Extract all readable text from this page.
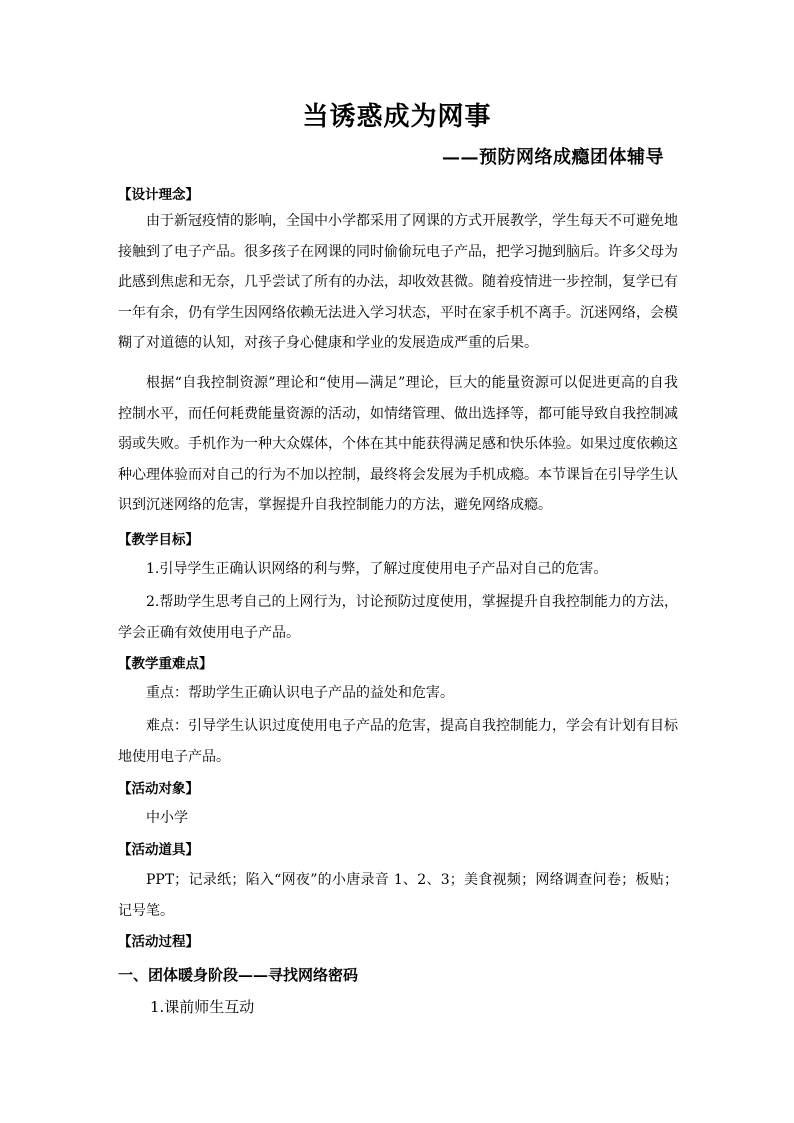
当诱惑成为网事
——预防网络成瘾团体辅导
【设计理念】
由于新冠疫情的影响，全国中小学都采用了网课的方式开展教学，学生每天不可避免地接触到了电子产品。很多孩子在网课的同时偷偷玩电子产品，把学习抛到脑后。许多父母为此感到焦虑和无奈，几乎尝试了所有的办法，却收效甚微。随着疫情进一步控制，复学已有一年有余，仍有学生因网络依赖无法进入学习状态，平时在家手机不离手。沉迷网络，会模糊了对道德的认知，对孩子身心健康和学业的发展造成严重的后果。
根据“自我控制资源”理论和“使用—满足”理论，巨大的能量资源可以促进更高的自我控制水平，而任何耗费能量资源的活动，如情绪管理、做出选择等，都可能导致自我控制减弱或失败。手机作为一种大众媒体，个体在其中能获得满足感和快乐体验。如果过度依赖这种心理体验而对自己的行为不加以控制，最终将会发展为手机成瘾。本节课旨在引导学生认识到沉迷网络的危害，掌握提升自我控制能力的方法，避免网络成瘾。
【教学目标】
1.引导学生正确认识网络的利与弊，了解过度使用电子产品对自己的危害。
2.帮助学生思考自己的上网行为，讨论预防过度使用，掌握提升自我控制能力的方法，学会正确有效使用电子产品。
【教学重难点】
重点：帮助学生正确认识电子产品的益处和危害。
难点：引导学生认识过度使用电子产品的危害，提高自我控制能力，学会有计划有目标地使用电子产品。
【活动对象】
中小学
【活动道具】
PPT；记录纸；陷入“网夜”的小唐录音 1、2、3；美食视频；网络调查问卷；板贴；记号笔。
【活动过程】
一、团体暖身阶段——寻找网络密码
1.课前师生互动
